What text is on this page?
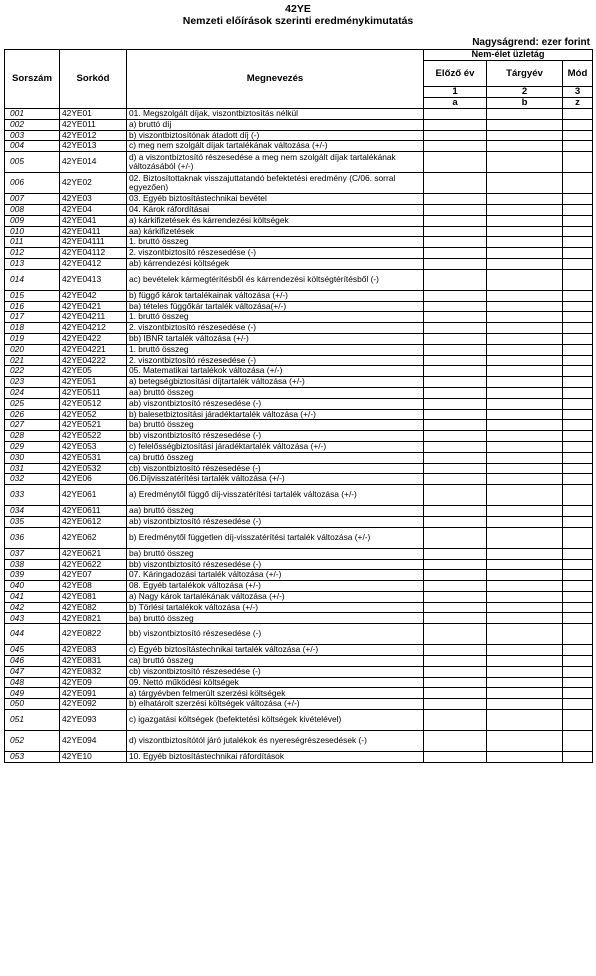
42YE
Nemzeti előírások szerinti eredménykimutatás
Nagyságrend: ezer forint
Sorszám	Sorkód	Megnevezés	Nem-élet üzletág		
			Előző év	Tárgyév	Mód
			1	2	3
			a	b	z
001	42YE01	01. Megszolgált díjak, viszontbiztosítás nélkül			
002	42YE011	a) bruttó díj			
003	42YE012	b) viszontbiztosítónak átadott díj (-)			
004	42YE013	c) meg nem szolgált díjak tartalékának változása (+/-)			
005	42YE014	d) a viszontbiztosító részesedése a meg nem szolgált díjak tartalékának változásából (+/-)			
006	42YE02	02. Biztosítottaknak visszajuttatandó befektetési eredmény (C/06. sorral egyezően)			
007	42YE03	03. Egyéb biztosítástechnikai bevétel			
008	42YE04	04. Károk ráfordításai			
009	42YE041	a) kárkifizetések és kárrendezési költségek			
010	42YE0411	aa) kárkifizetések			
011	42YE04111	1. bruttó összeg			
012	42YE04112	2. viszontbiztosító részesedése (-)			
013	42YE0412	ab) kárrendezési költségek			
014	42YE0413	ac) bevételek kármegtérítésből és kárrendezési költségtérítésből (-)			
015	42YE042	b) függő károk tartalékainak változása (+/-)			
016	42YE0421	ba) tételes függőkár tartalék változása(+/-)			
017	42YE04211	1. bruttó összeg			
018	42YE04212	2. viszontbiztosító részesedése (-)			
019	42YE0422	bb) IBNR tartalék változása (+/-)			
020	42YE04221	1. bruttó összeg			
021	42YE04222	2. viszontbiztosító részesedése (-)			
022	42YE05	05. Matematikai tartalékok változása (+/-)			
023	42YE051	a) betegségbiztosítási díjtartalék változása (+/-)			
024	42YE0511	aa) bruttó összeg			
025	42YE0512	ab) viszontbiztosító részesedése (-)			
026	42YE052	b) balesetbiztosítási járadéktartalék változása (+/-)			
027	42YE0521	ba) bruttó összeg			
028	42YE0522	bb) viszontbiztosító részesedése (-)			
029	42YE053	c) felelősségbiztosítási járadéktartalék változása (+/-)			
030	42YE0531	ca) bruttó összeg			
031	42YE0532	cb) viszontbiztosító részesedése (-)			
032	42YE06	06.Díjvisszatérítési tartalék változása (+/-)			
033	42YE061	a) Eredménytől függő díj-visszatérítési tartalék változása (+/-)			
034	42YE0611	aa) bruttó összeg			
035	42YE0612	ab) viszontbiztosító részesedése (-)			
036	42YE062	b) Eredménytől független díj-visszatérítési tartalék változása (+/-)			
037	42YE0621	ba) bruttó összeg			
038	42YE0622	bb) viszontbiztosító részesedése (-)			
039	42YE07	07. Káringadozási tartalék változása (+/-)			
040	42YE08	08. Egyéb tartalékok változása (+/-)			
041	42YE081	a) Nagy károk tartalékának változása (+/-)			
042	42YE082	b) Törlési tartalékok változása (+/-)			
043	42YE0821	ba) bruttó összeg			
044	42YE0822	bb) viszontbiztosító részesedése (-)			
045	42YE083	c) Egyéb biztosítástechnikai tartalék változása (+/-)			
046	42YE0831	ca) bruttó összeg			
047	42YE0832	cb) viszontbiztosító részesedése (-)			
048	42YE09	09. Nettó működési költségek			
049	42YE091	a) tárgyévben felmerült szerzési költségek			
050	42YE092	b) elhatárolt szerzési költségek változása (+/-)			
051	42YE093	c) igazgatási költségek (befektetési költségek kivételével)			
052	42YE094	d) viszontbiztosítótól járó jutalékok és nyereségrészesedések (-)			
053	42YE10	10. Egyéb biztosítástechnikai ráfordítások			
